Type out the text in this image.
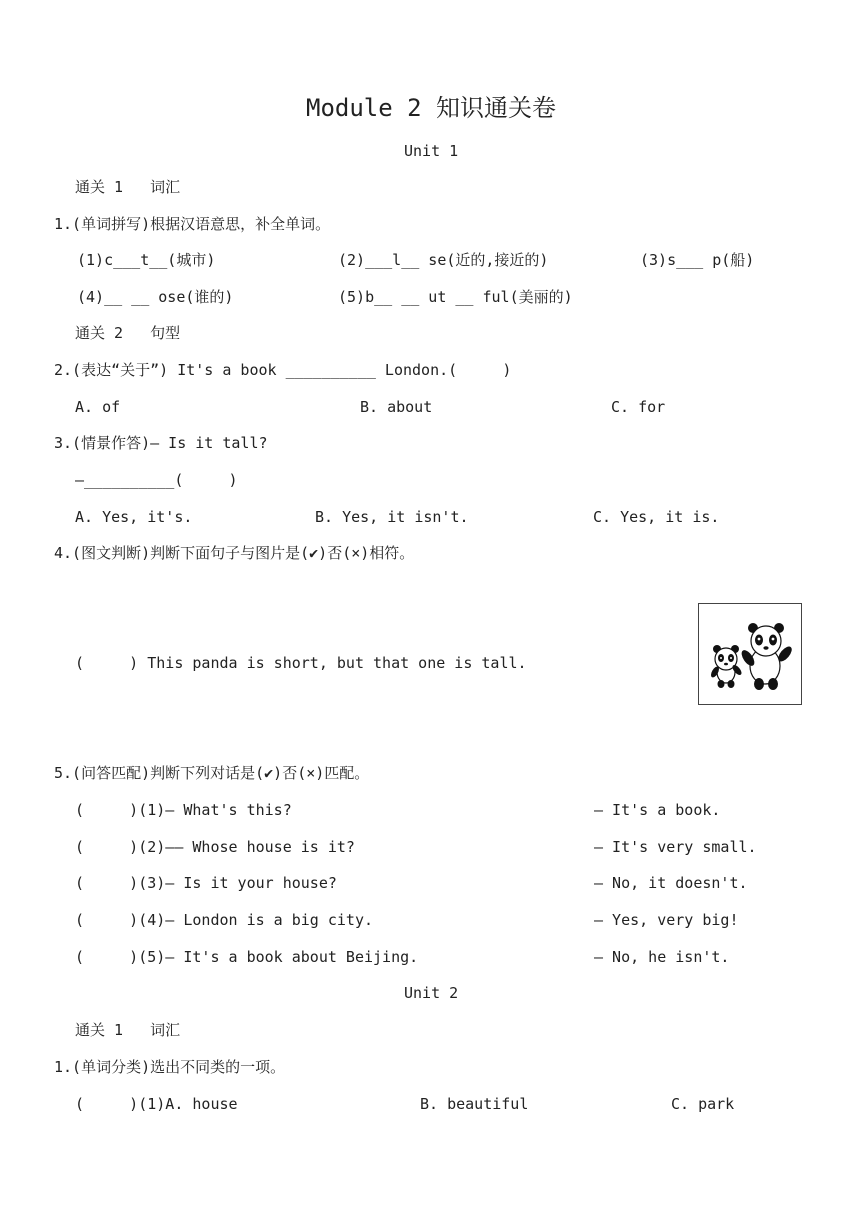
Module 2 知识通关卷
Unit 1
通关 1   词汇
1.(单词拼写)根据汉语意思，补全单词。
(1)c___t__(城市)	(2)___l__ se(近的,接近的)	(3)s___ p(船)
(4)__ __ ose(谁的)	(5)b__ __ ut __ ful(美丽的)
通关 2   句型
2.(表达“关于”) It's a book __________ London.(     )
A. of	B. about	C. for
3.(情景作答)— Is it tall?
—__________(     )
A. Yes, it's.	B. Yes, it isn't.	C. Yes, it is.
4.(图文判断)判断下面句子与图片是(✔)否(×)相符。
(     ) This panda is short, but that one is tall.
5.(问答匹配)判断下列对话是(✔)否(×)匹配。
(     )(1)— What's this?	— It's a book.
(     )(2)—— Whose house is it?	— It's very small.
(     )(3)— Is it your house?	— No, it doesn't.
(     )(4)— London is a big city.	— Yes, very big!
(     )(5)— It's a book about Beijing.	— No, he isn't.
Unit 2
通关 1   词汇
1.(单词分类)选出不同类的一项。
(     )(1)A. house	B. beautiful	C. park
